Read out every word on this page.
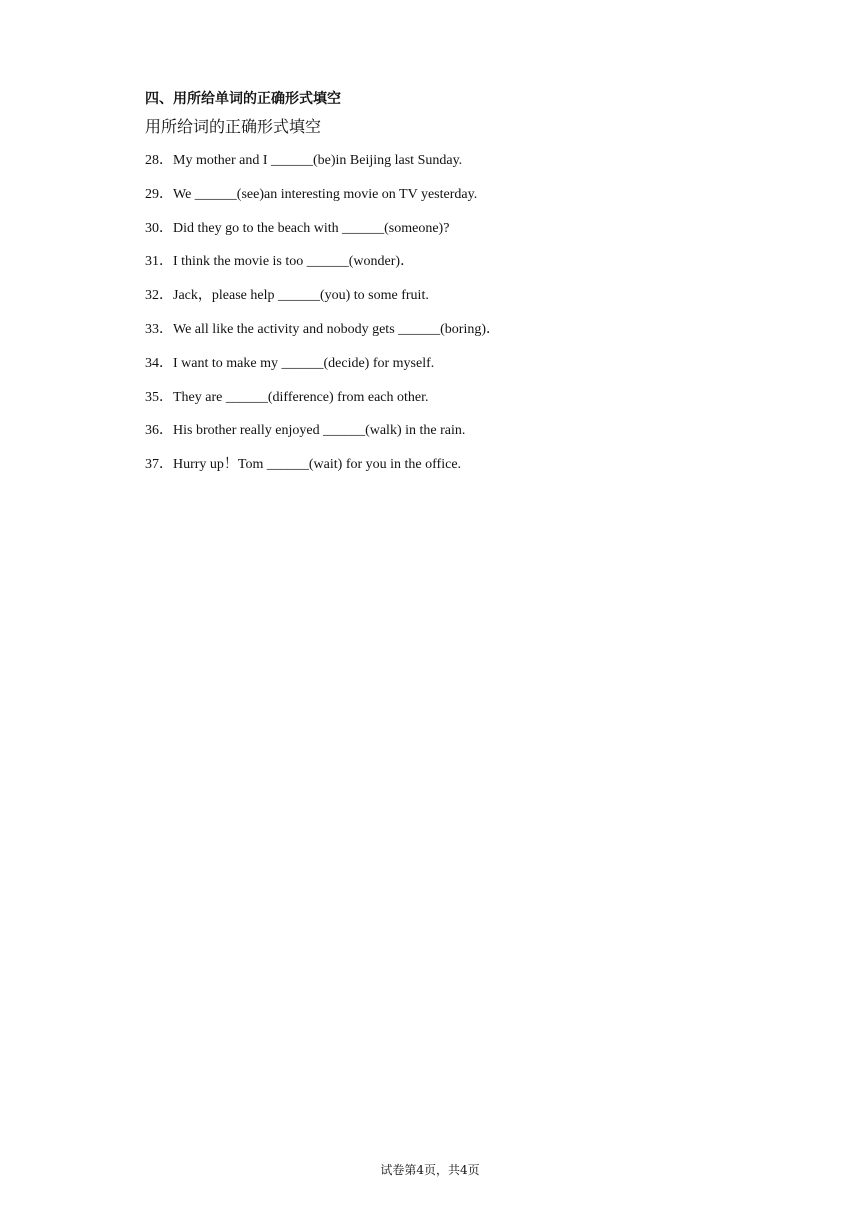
四、用所给单词的正确形式填空
用所给词的正确形式填空
28．My mother and I ______(be)in Beijing last Sunday.
29．We ______(see)an interesting movie on TV yesterday.
30．Did they go to the beach with ______(someone)?
31．I think the movie is too ______(wonder)．
32．Jack，please help ______(you) to some fruit.
33．We all like the activity and nobody gets ______(boring)．
34．I want to make my ______(decide) for myself.
35．They are ______(difference) from each other.
36．His brother really enjoyed ______(walk) in the rain.
37．Hurry up！Tom ______(wait) for you in the office.
试卷第4页，共4页
